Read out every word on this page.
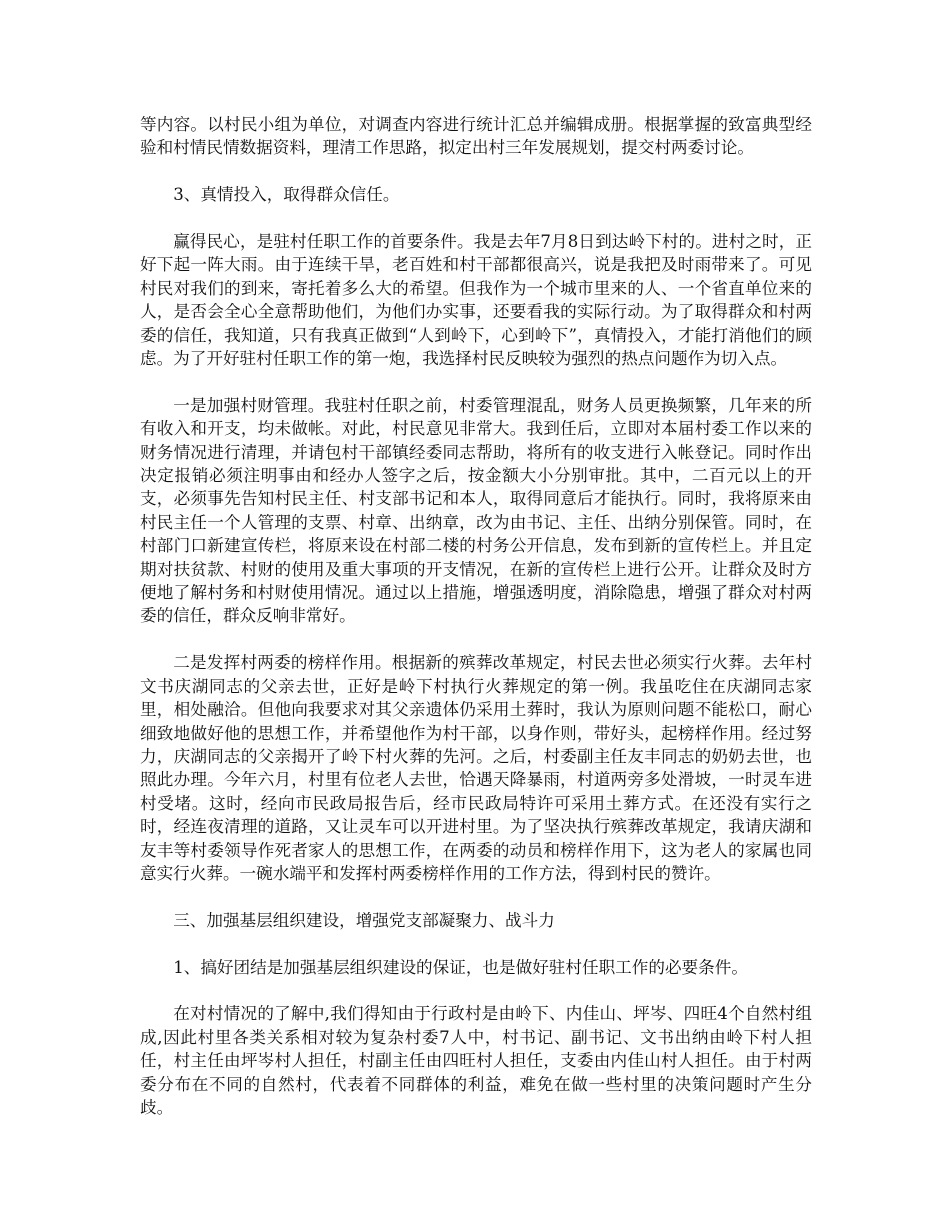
等内容。以村民小组为单位，对调查内容进行统计汇总并编辑成册。根据掌握的致富典型经验和村情民情数据资料，理清工作思路，拟定出村三年发展规划，提交村两委讨论。

3、真情投入，取得群众信任。

赢得民心，是驻村任职工作的首要条件。我是去年7月8日到达岭下村的。进村之时，正好下起一阵大雨。由于连续干旱，老百姓和村干部都很高兴，说是我把及时雨带来了。可见村民对我们的到来，寄托着多么大的希望。但我作为一个城市里来的人、一个省直单位来的人，是否会全心全意帮助他们，为他们办实事，还要看我的实际行动。为了取得群众和村两委的信任，我知道，只有我真正做到“人到岭下，心到岭下”，真情投入，才能打消他们的顾虑。为了开好驻村任职工作的第一炮，我选择村民反映较为强烈的热点问题作为切入点。

一是加强村财管理。我驻村任职之前，村委管理混乱，财务人员更换频繁，几年来的所有收入和开支，均未做帐。对此，村民意见非常大。我到任后，立即对本届村委工作以来的财务情况进行清理，并请包村干部镇经委同志帮助，将所有的收支进行入帐登记。同时作出决定报销必须注明事由和经办人签字之后，按金额大小分别审批。其中，二百元以上的开支，必须事先告知村民主任、村支部书记和本人，取得同意后才能执行。同时，我将原来由村民主任一个人管理的支票、村章、出纳章，改为由书记、主任、出纳分别保管。同时，在村部门口新建宣传栏，将原来设在村部二楼的村务公开信息，发布到新的宣传栏上。并且定期对扶贫款、村财的使用及重大事项的开支情况，在新的宣传栏上进行公开。让群众及时方便地了解村务和村财使用情况。通过以上措施，增强透明度，消除隐患，增强了群众对村两委的信任，群众反响非常好。

二是发挥村两委的榜样作用。根据新的殡葬改革规定，村民去世必须实行火葬。去年村文书庆湖同志的父亲去世，正好是岭下村执行火葬规定的第一例。我虽吃住在庆湖同志家里，相处融洽。但他向我要求对其父亲遗体仍采用土葬时，我认为原则问题不能松口，耐心细致地做好他的思想工作，并希望他作为村干部，以身作则，带好头，起榜样作用。经过努力，庆湖同志的父亲揭开了岭下村火葬的先河。之后，村委副主任友丰同志的奶奶去世，也照此办理。今年六月，村里有位老人去世，恰遇天降暴雨，村道两旁多处滑坡，一时灵车进村受堵。这时，经向市民政局报告后，经市民政局特许可采用土葬方式。在还没有实行之时，经连夜清理的道路，又让灵车可以开进村里。为了坚决执行殡葬改革规定，我请庆湖和友丰等村委领导作死者家人的思想工作，在两委的动员和榜样作用下，这为老人的家属也同意实行火葬。一碗水端平和发挥村两委榜样作用的工作方法，得到村民的赞许。

三、加强基层组织建设，增强党支部凝聚力、战斗力

1、搞好团结是加强基层组织建设的保证，也是做好驻村任职工作的必要条件。

在对村情况的了解中,我们得知由于行政村是由岭下、内佳山、坪岑、四旺4个自然村组成,因此村里各类关系相对较为复杂村委7人中，村书记、副书记、文书出纳由岭下村人担任，村主任由坪岑村人担任，村副主任由四旺村人担任，支委由内佳山村人担任。由于村两委分布在不同的自然村，代表着不同群体的利益，难免在做一些村里的决策问题时产生分歧。
